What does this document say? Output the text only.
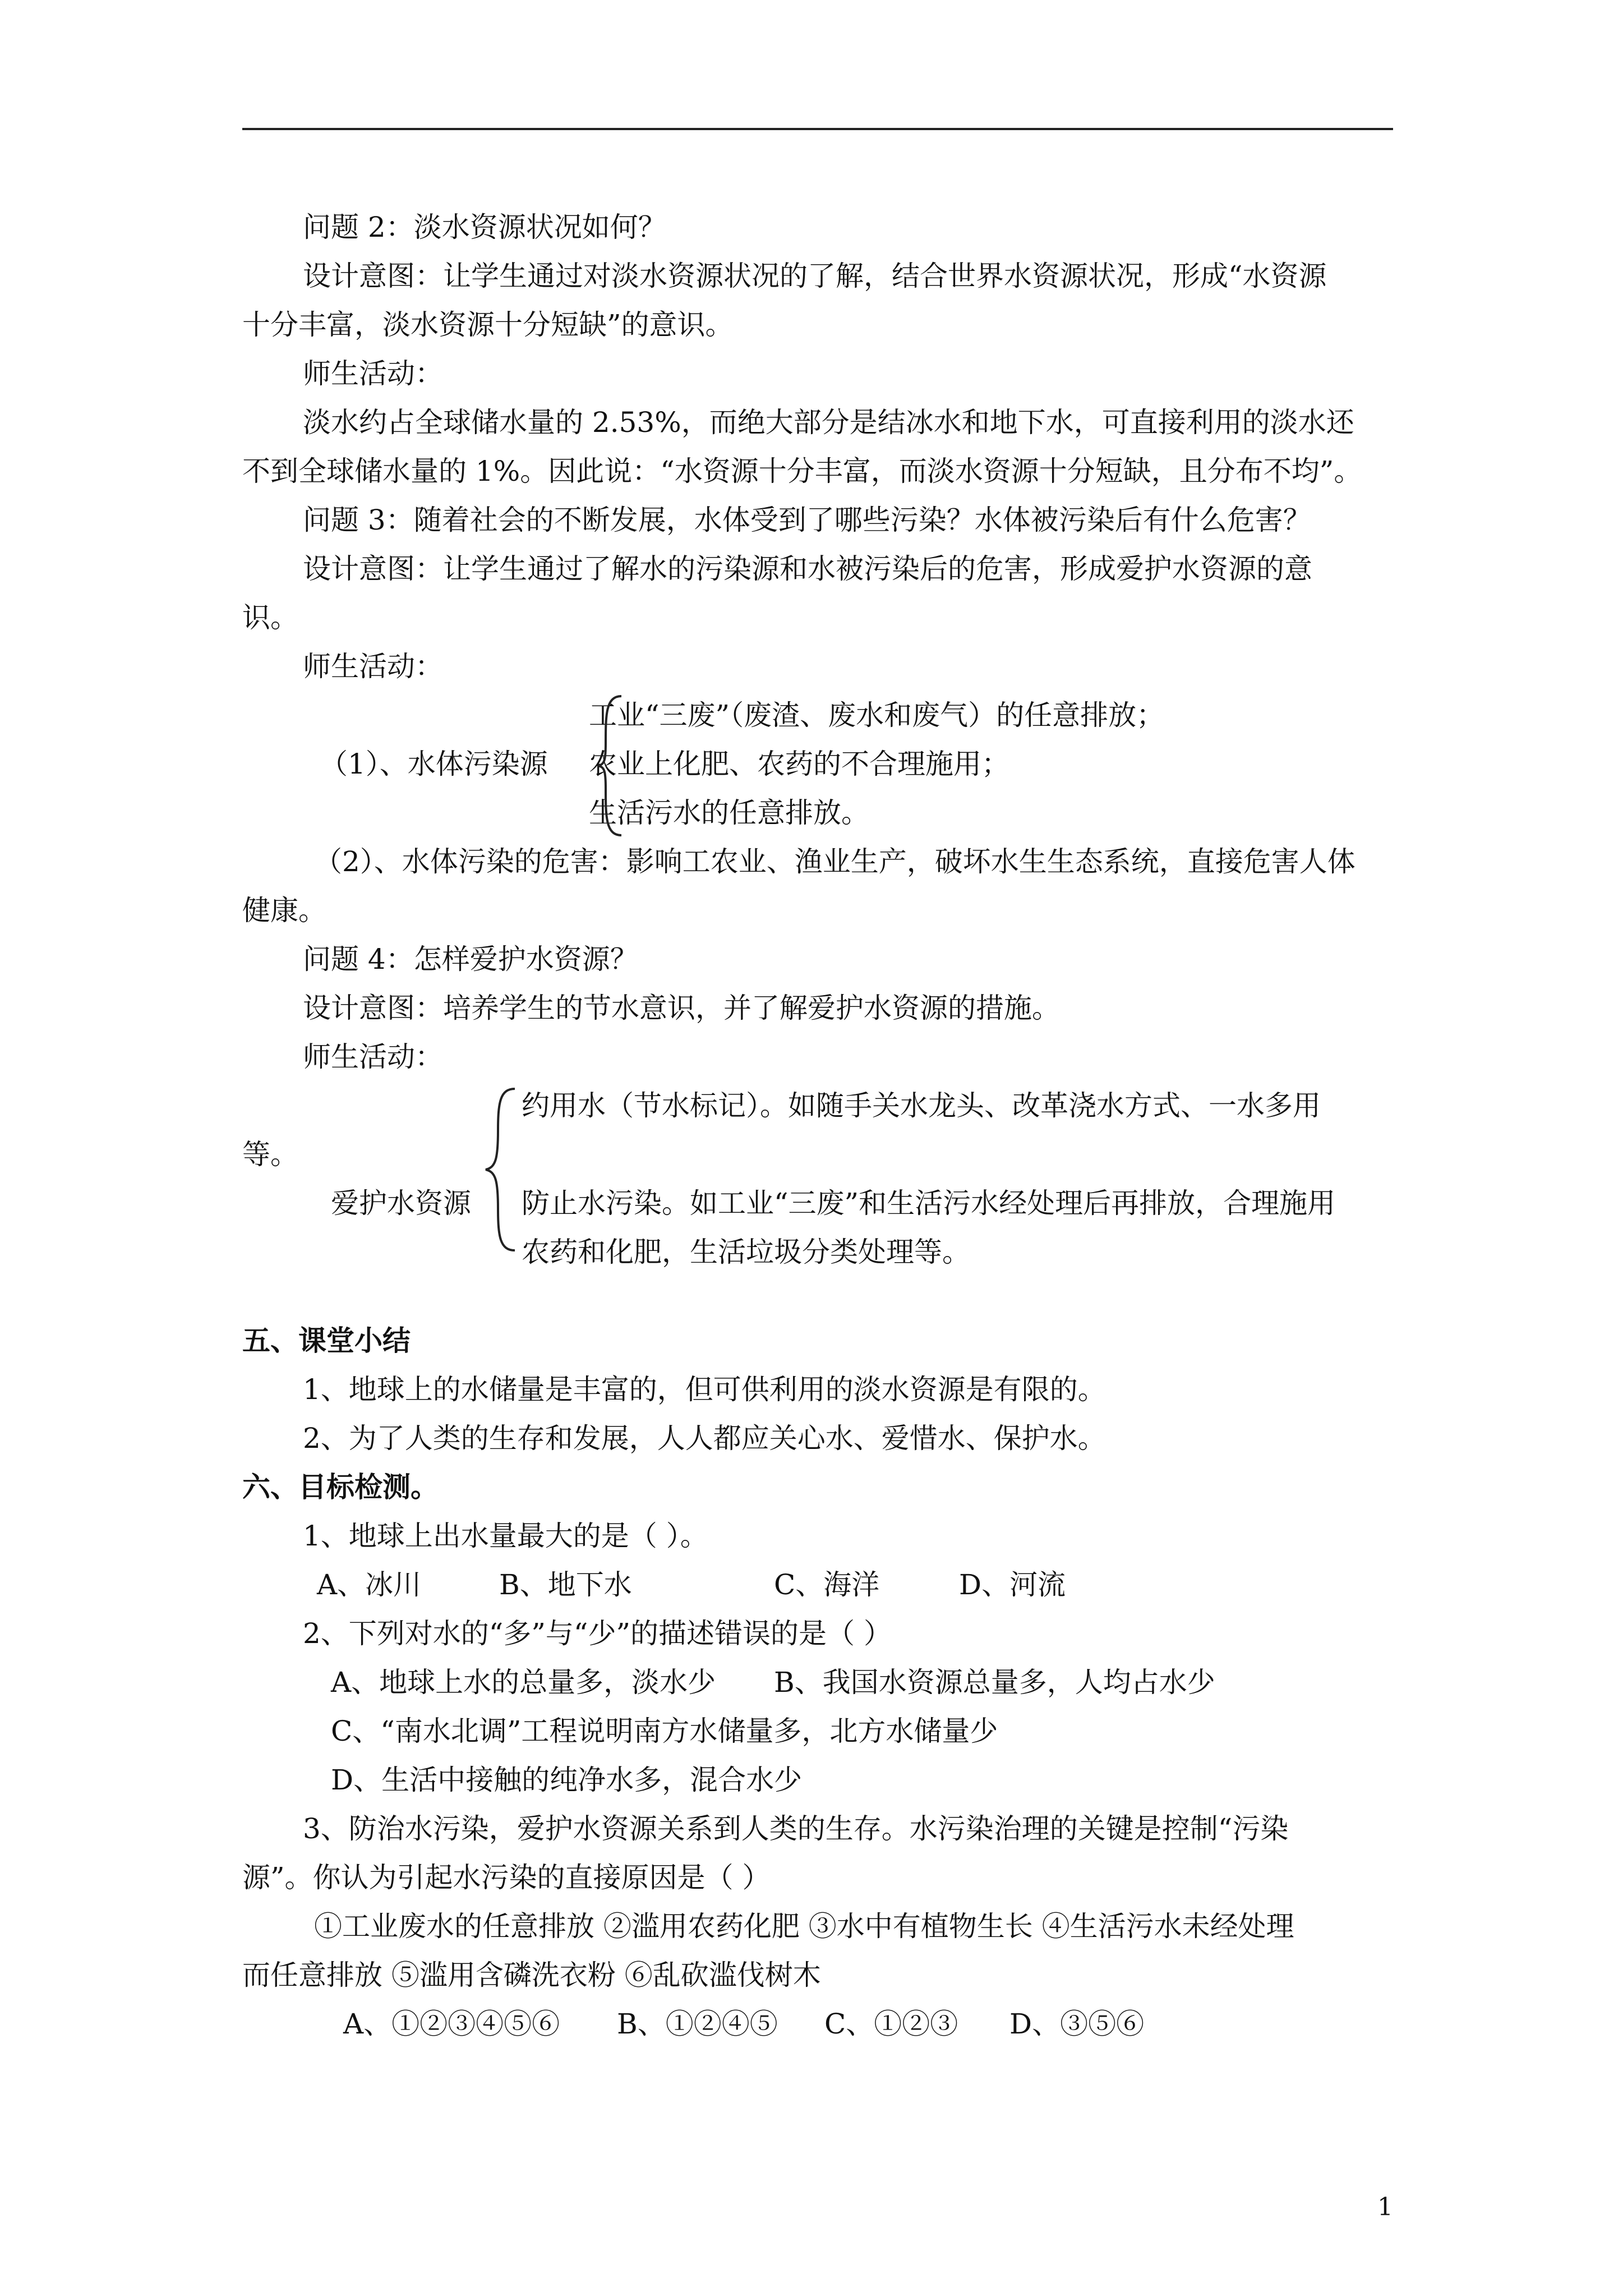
问题 2：淡水资源状况如何？
设计意图：让学生通过对淡水资源状况的了解，结合世界水资源状况，形成“水资源
十分丰富，淡水资源十分短缺”的意识。
师生活动：
淡水约占全球储水量的 2.53%，而绝大部分是结冰水和地下水，可直接利用的淡水还
不到全球储水量的 1%。因此说：“水资源十分丰富，而淡水资源十分短缺，且分布不均”。
问题 3：随着社会的不断发展，水体受到了哪些污染？水体被污染后有什么危害？
设计意图：让学生通过了解水的污染源和水被污染后的危害，形成爱护水资源的意
识。
师生活动：
工业“三废”（废渣、废水和废气）的任意排放；
（1）、水体污染源 农业上化肥、农药的不合理施用；
生活污水的任意排放。
（2）、水体污染的危害：影响工农业、渔业生产，破坏水生生态系统，直接危害人体
健康。
问题 4：怎样爱护水资源？
设计意图：培养学生的节水意识，并了解爱护水资源的措施。
师生活动：
约用水（节水标记）。如随手关水龙头、改革浇水方式、一水多用
等。
爱护水资源 防止水污染。如工业“三废”和生活污水经处理后再排放，合理施用
农药和化肥，生活垃圾分类处理等。
五、课堂小结
1、地球上的水储量是丰富的，但可供利用的淡水资源是有限的。
2、为了人类的生存和发展，人人都应关心水、爱惜水、保护水。
六、目标检测。
1、地球上出水量最大的是（ ）。
A、冰川	B、地下水	C、海洋	D、河流
2、下列对水的“多”与“少”的描述错误的是（ ）
A、地球上水的总量多，淡水少 B、我国水资源总量多，人均占水少
C、“南水北调”工程说明南方水储量多，北方水储量少
D、生活中接触的纯净水多，混合水少
3、防治水污染，爱护水资源关系到人类的生存。水污染治理的关键是控制“污染
源”。你认为引起水污染的直接原因是（ ）
①工业废水的任意排放 ②滥用农药化肥 ③水中有植物生长 ④生活污水未经处理
而任意排放 ⑤滥用含磷洗衣粉 ⑥乱砍滥伐树木
A、①②③④⑤⑥ B、①②④⑤ C、①②③ D、③⑤⑥
1
